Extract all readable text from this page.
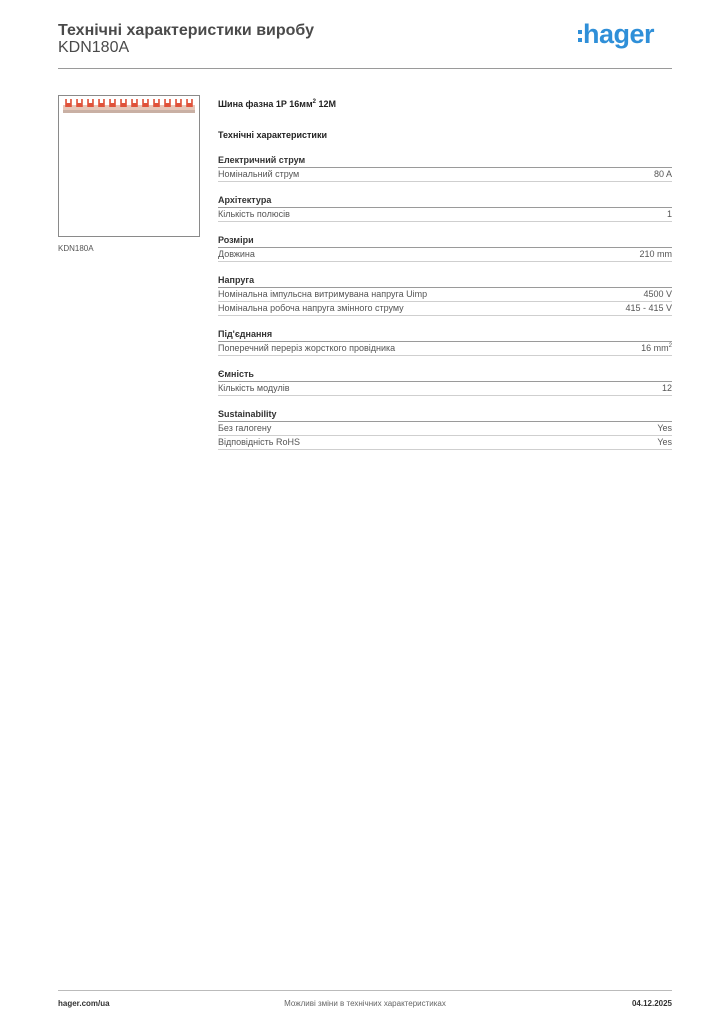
Технічні характеристики виробу
KDN180A	hager
KDN180A
Шина фазна 1P $16мм^2$ 12M
Технічні характеристики
Електричний струм
Номінальний струм	80 A
Архітектура
Кількість полюсів	1
Розміри
Довжина	210 mm
Напруга
Номінальна імпульсна витримувана напруга Uimp	4500 V
Номінальна робоча напруга змінного струму	415 - 415 V
Під'єднання
Поперечний переріз жорсткого провідника	16 $mm^2$
Ємність
Кількість модулів	12
Sustainability
Без галогену	Yes
Відповідність RoHS	Yes
hager.com/ua	Можливі зміни в технічних характеристиках	04.12.2025
